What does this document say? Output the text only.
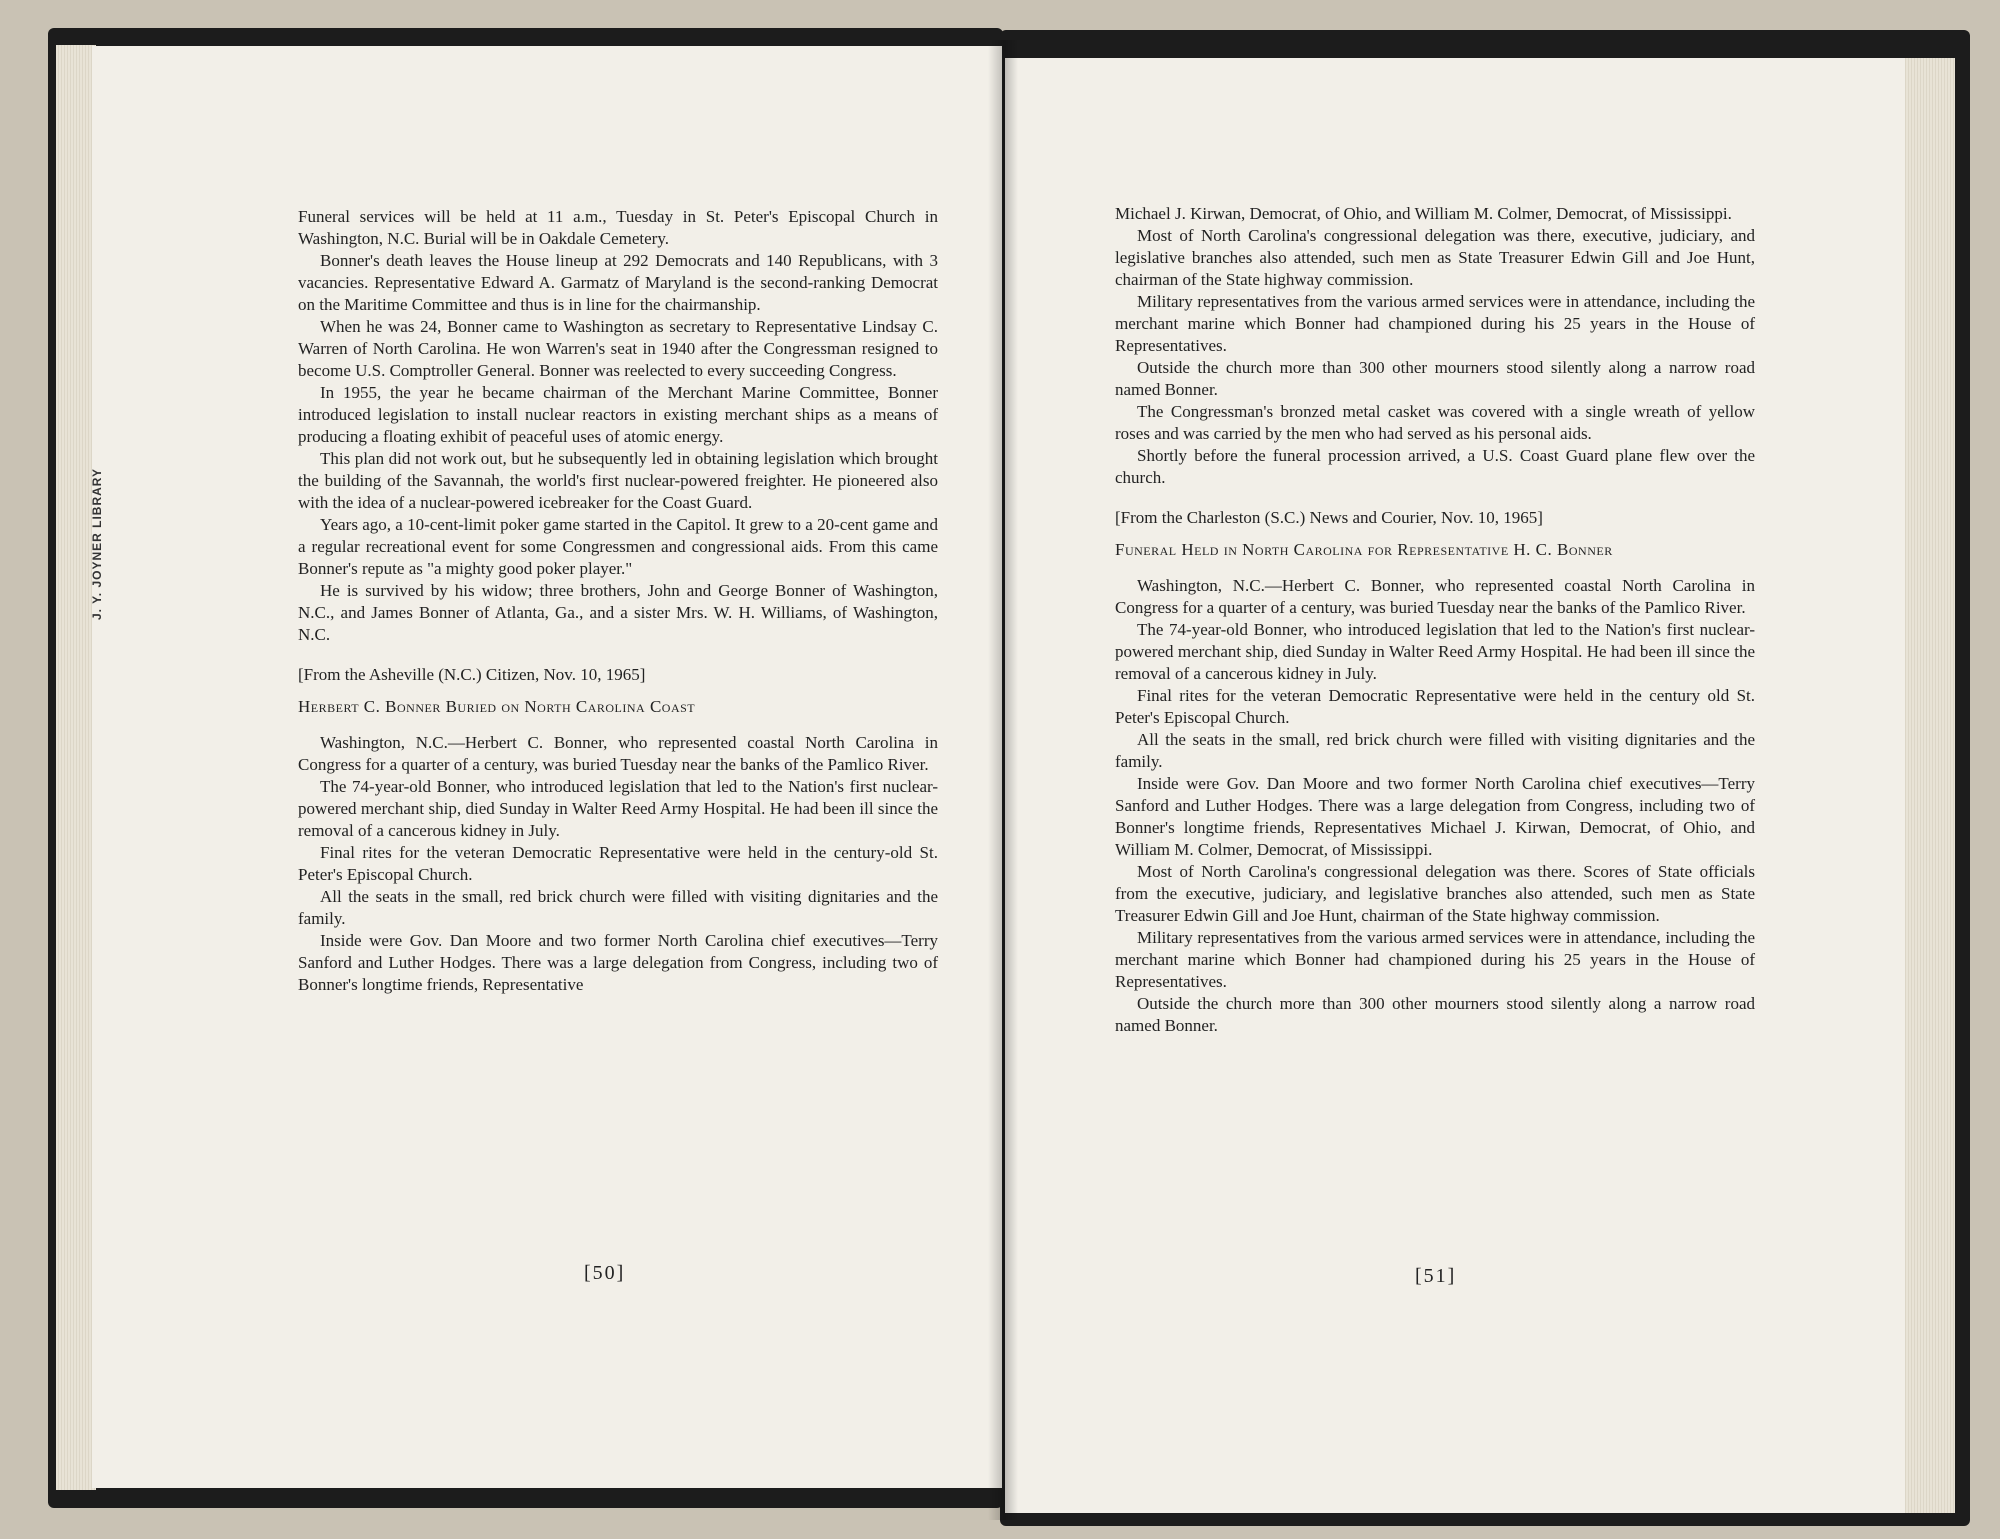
J. Y. JOYNER LIBRARY

Funeral services will be held at 11 a.m., Tuesday in St. Peter's Episcopal Church in Washington, N.C. Burial will be in Oakdale Cemetery.

Bonner's death leaves the House lineup at 292 Democrats and 140 Republicans, with 3 vacancies. Representative Edward A. Garmatz of Maryland is the second-ranking Democrat on the Maritime Committee and thus is in line for the chairmanship.

When he was 24, Bonner came to Washington as secretary to Representative Lindsay C. Warren of North Carolina. He won Warren's seat in 1940 after the Congressman resigned to become U.S. Comptroller General. Bonner was reelected to every succeeding Congress.

In 1955, the year he became chairman of the Merchant Marine Committee, Bonner introduced legislation to install nuclear reactors in existing merchant ships as a means of producing a floating exhibit of peaceful uses of atomic energy.

This plan did not work out, but he subsequently led in obtaining legislation which brought the building of the Savannah, the world's first nuclear-powered freighter. He pioneered also with the idea of a nuclear-powered icebreaker for the Coast Guard.

Years ago, a 10-cent-limit poker game started in the Capitol. It grew to a 20-cent game and a regular recreational event for some Congressmen and congressional aids. From this came Bonner's repute as "a mighty good poker player."

He is survived by his widow; three brothers, John and George Bonner of Washington, N.C., and James Bonner of Atlanta, Ga., and a sister Mrs. W. H. Williams, of Washington, N.C.

[From the Asheville (N.C.) Citizen, Nov. 10, 1965]

Herbert C. Bonner Buried on North Carolina Coast

Washington, N.C.—Herbert C. Bonner, who represented coastal North Carolina in Congress for a quarter of a century, was buried Tuesday near the banks of the Pamlico River.

The 74-year-old Bonner, who introduced legislation that led to the Nation's first nuclear-powered merchant ship, died Sunday in Walter Reed Army Hospital. He had been ill since the removal of a cancerous kidney in July.

Final rites for the veteran Democratic Representative were held in the century-old St. Peter's Episcopal Church.

All the seats in the small, red brick church were filled with visiting dignitaries and the family.

Inside were Gov. Dan Moore and two former North Carolina chief executives—Terry Sanford and Luther Hodges. There was a large delegation from Congress, including two of Bonner's longtime friends, Representative

[50]

Michael J. Kirwan, Democrat, of Ohio, and William M. Colmer, Democrat, of Mississippi.

Most of North Carolina's congressional delegation was there, executive, judiciary, and legislative branches also attended, such men as State Treasurer Edwin Gill and Joe Hunt, chairman of the State highway commission.

Military representatives from the various armed services were in attendance, including the merchant marine which Bonner had championed during his 25 years in the House of Representatives.

Outside the church more than 300 other mourners stood silently along a narrow road named Bonner.

The Congressman's bronzed metal casket was covered with a single wreath of yellow roses and was carried by the men who had served as his personal aids.

Shortly before the funeral procession arrived, a U.S. Coast Guard plane flew over the church.

[From the Charleston (S.C.) News and Courier, Nov. 10, 1965]

Funeral Held in North Carolina for Representative H. C. Bonner

Washington, N.C.—Herbert C. Bonner, who represented coastal North Carolina in Congress for a quarter of a century, was buried Tuesday near the banks of the Pamlico River.

The 74-year-old Bonner, who introduced legislation that led to the Nation's first nuclear-powered merchant ship, died Sunday in Walter Reed Army Hospital. He had been ill since the removal of a cancerous kidney in July.

Final rites for the veteran Democratic Representative were held in the century old St. Peter's Episcopal Church.

All the seats in the small, red brick church were filled with visiting dignitaries and the family.

Inside were Gov. Dan Moore and two former North Carolina chief executives—Terry Sanford and Luther Hodges. There was a large delegation from Congress, including two of Bonner's longtime friends, Representatives Michael J. Kirwan, Democrat, of Ohio, and William M. Colmer, Democrat, of Mississippi.

Most of North Carolina's congressional delegation was there. Scores of State officials from the executive, judiciary, and legislative branches also attended, such men as State Treasurer Edwin Gill and Joe Hunt, chairman of the State highway commission.

Military representatives from the various armed services were in attendance, including the merchant marine which Bonner had championed during his 25 years in the House of Representatives.

Outside the church more than 300 other mourners stood silently along a narrow road named Bonner.

[51]
